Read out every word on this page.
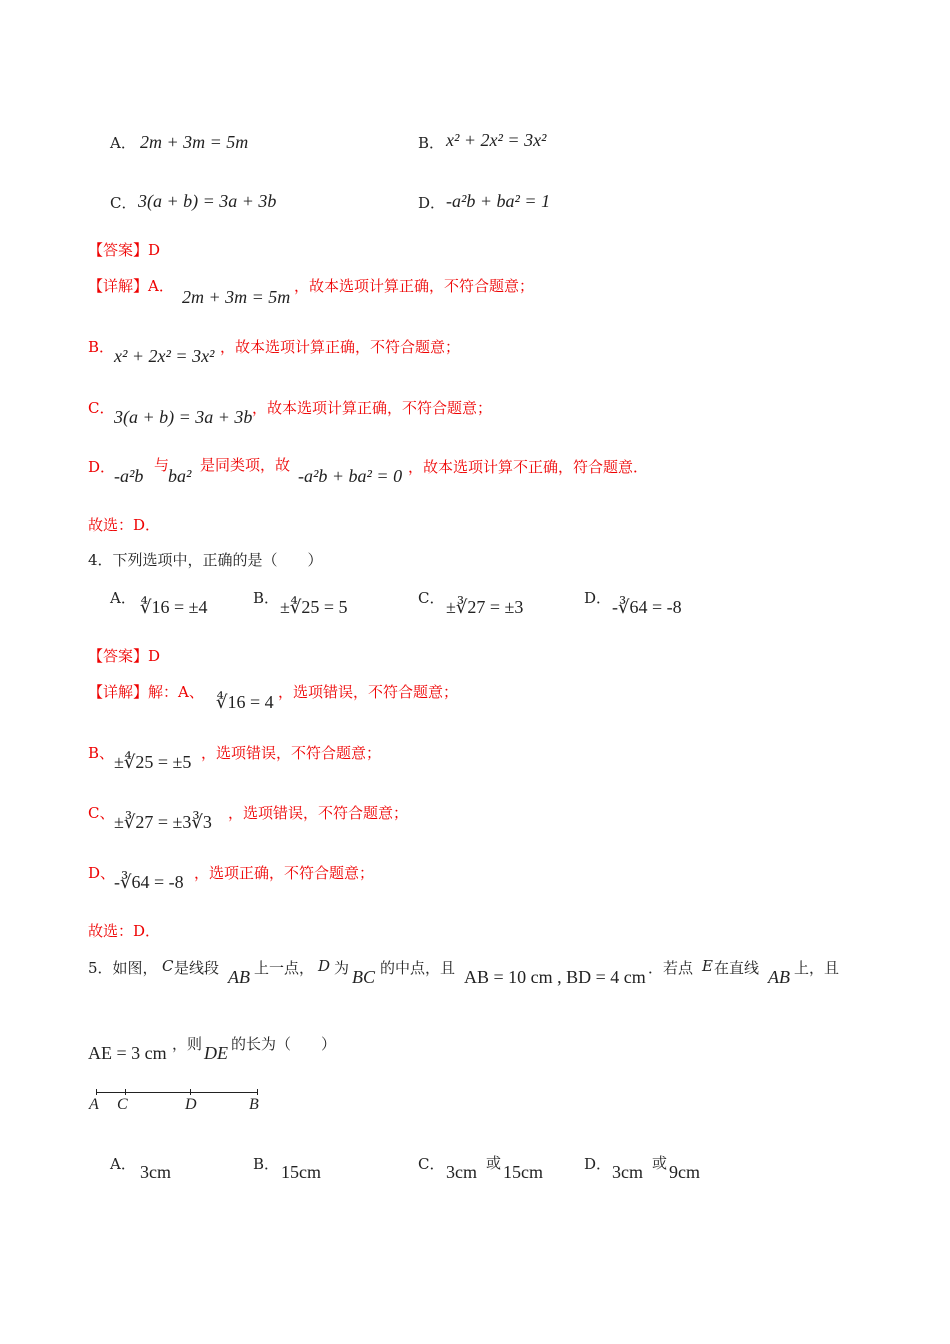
A． 2m + 3m = 5m	B． x² + 2x² = 3x²
C． 3(a + b) = 3a + 3b	D． -a²b + ba² = 1
【答案】D
【详解】A．
2m + 3m = 5m
，故本选项计算正确，不符合题意；
B． x² + 2x² = 3x² ，故本选项计算正确，不符合题意；
C． 3(a + b) = 3a + 3b ，故本选项计算正确，不符合题意；
D．
-a²b
与
ba²
是同类项，故
-a²b + ba² = 0 ，故本选项计算不正确，符合题意．
故选：D．
4．下列选项中，正确的是（　　）
A． ∜16 = ±4	B． ±∜25 = 5	C． ±∛27 = ±3	D． -∛64 = -8
【答案】D
【详解】解：A、 ∜16 = 4 ，选项错误，不符合题意；
B、 ±∜25 = ±5 ，选项错误，不符合题意；
C、 ±∛27 = ±3∛3 ，选项错误，不符合题意；
D、
-∛64 = -8 ，选项正确，不符合题意；
故选：D．
5．如图， C 是线段 AB 上一点， D 为 BC 的中点，且 AB = 10 cm , BD = 4 cm ．若点 E 在直线 AB 上，且
AE = 3 cm ，则 DE 的长为（　　）
A C	D	B
A． 3cm	B． 15cm	C． 3cm 或 15cm	D． 3cm 或 9cm
